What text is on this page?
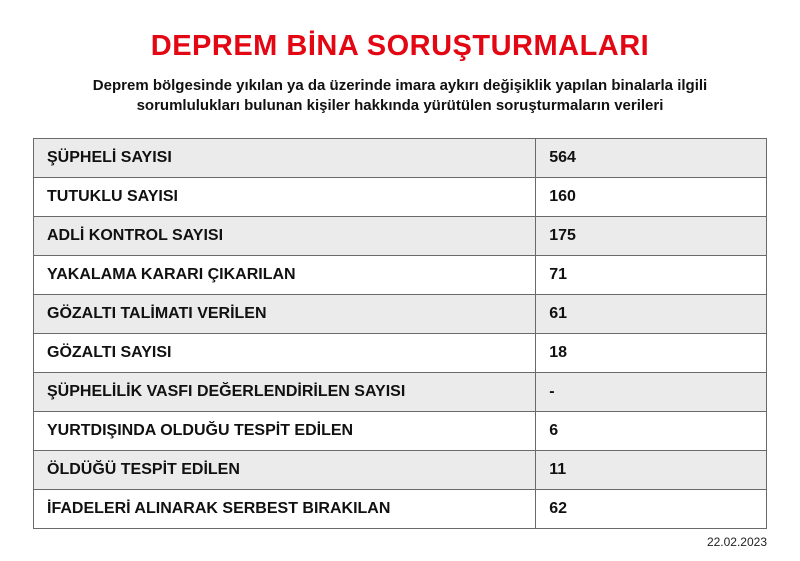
DEPREM BİNA SORUŞTURMALARI
Deprem bölgesinde yıkılan ya da üzerinde imara aykırı değişiklik yapılan binalarla ilgili
sorumlulukları bulunan kişiler hakkında yürütülen soruşturmaların verileri
ŞÜPHELİ SAYISI	564
TUTUKLU SAYISI	160
ADLİ KONTROL SAYISI	175
YAKALAMA KARARI ÇIKARILAN	71
GÖZALTI TALİMATI VERİLEN	61
GÖZALTI SAYISI	18
ŞÜPHELİLİK VASFI DEĞERLENDİRİLEN SAYISI	-
YURTDIŞINDA OLDUĞU TESPİT EDİLEN	6
ÖLDÜĞÜ TESPİT EDİLEN	11
İFADELERİ ALINARAK SERBEST BIRAKILAN	62
22.02.2023
